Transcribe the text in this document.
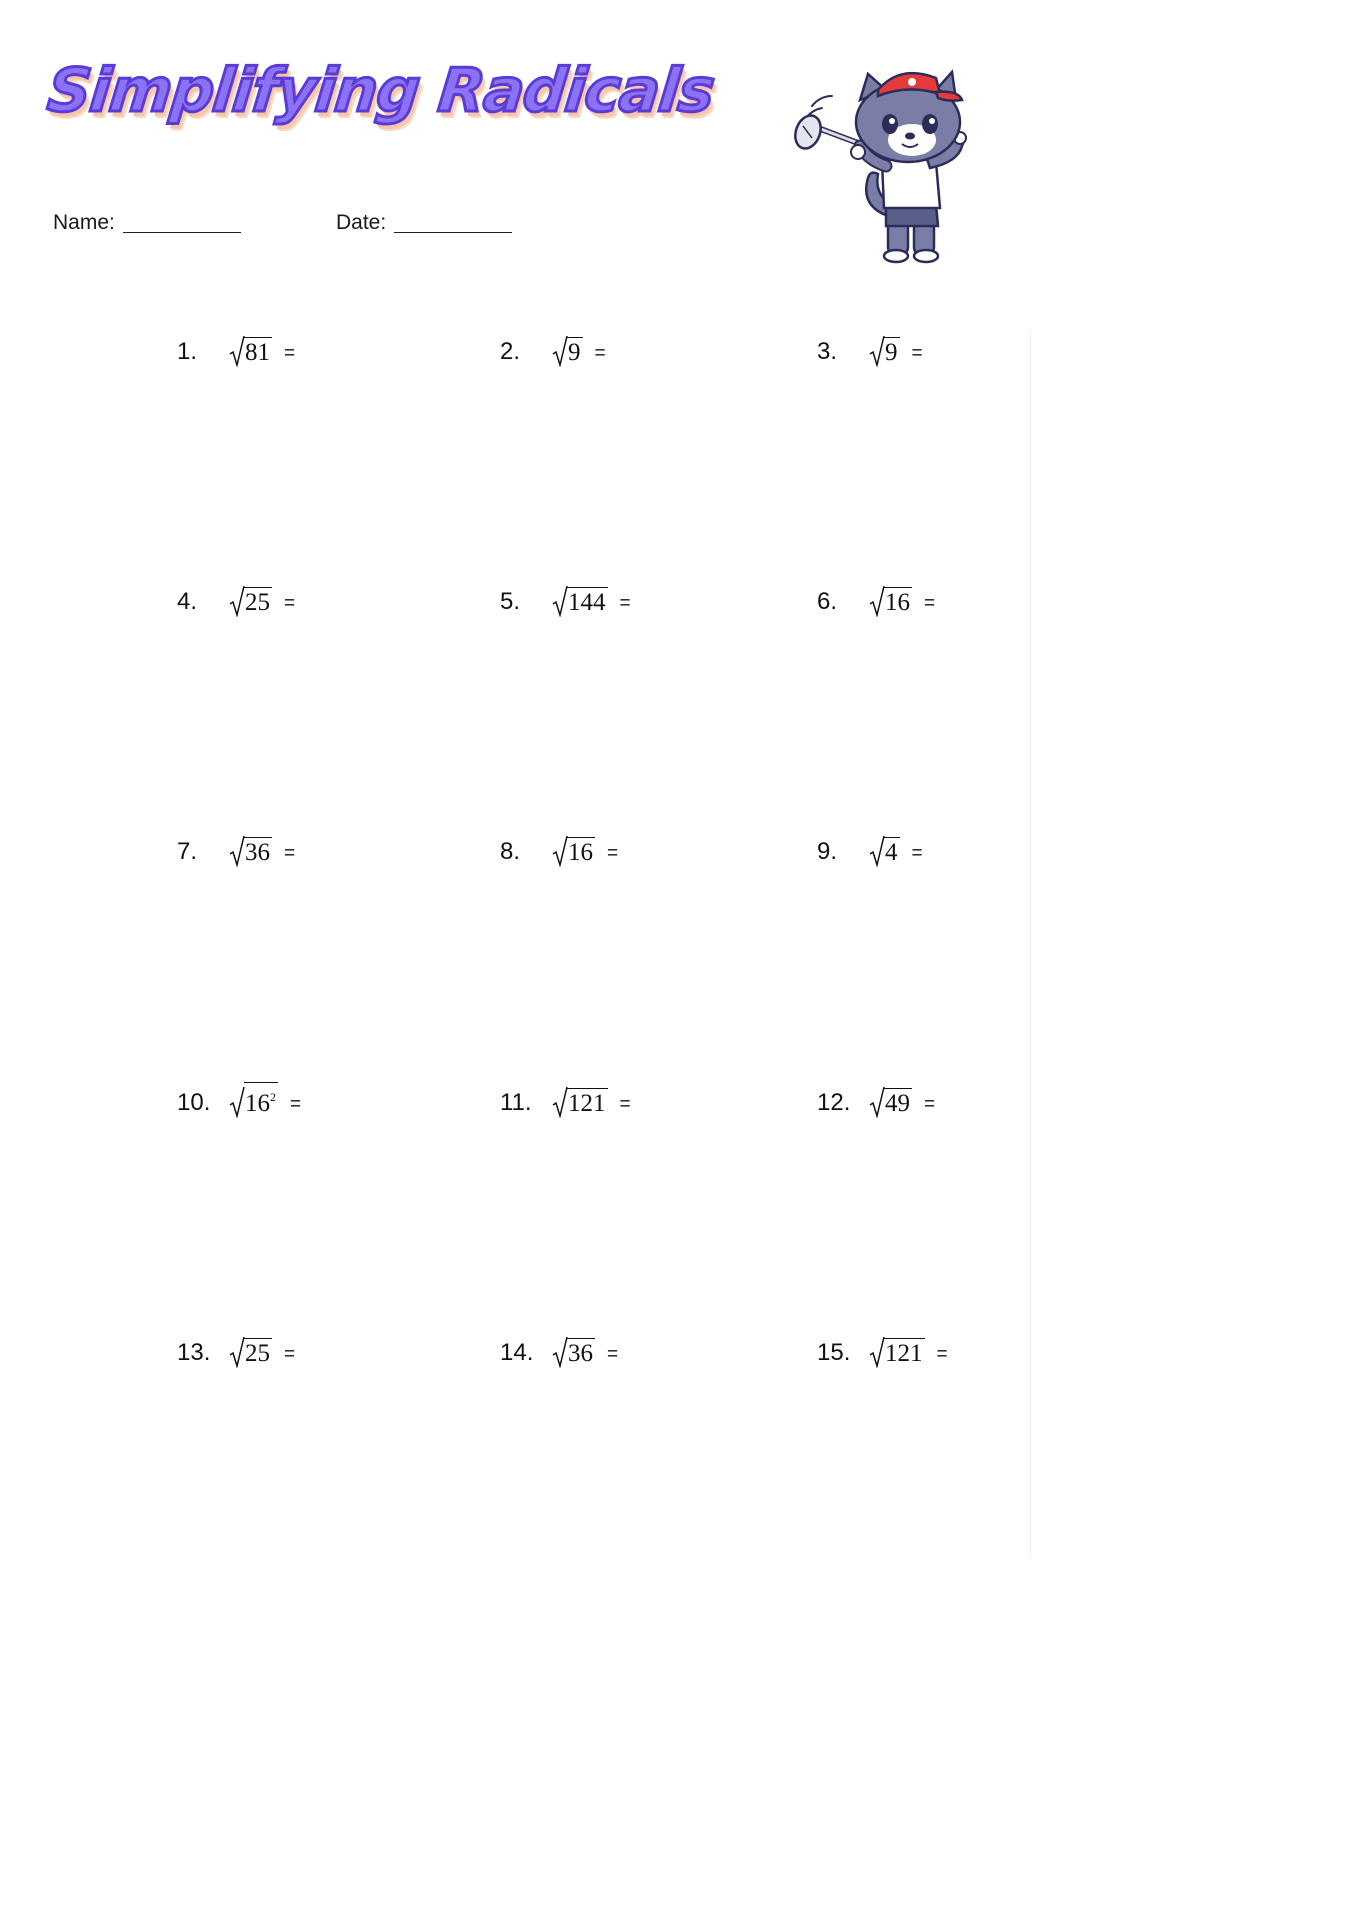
Simplifying Radicals
Name:	Date:
1.	81 =	2.	9 =	3.	9 =
4.	25 =	5.	144 =	6.	16 =
7.	36 =	8.	16 =	9.	4 =
10.	$16^2$ =	11.	121 =	12.	49 =
13.	25 =	14.	36 =	15.	121 =
